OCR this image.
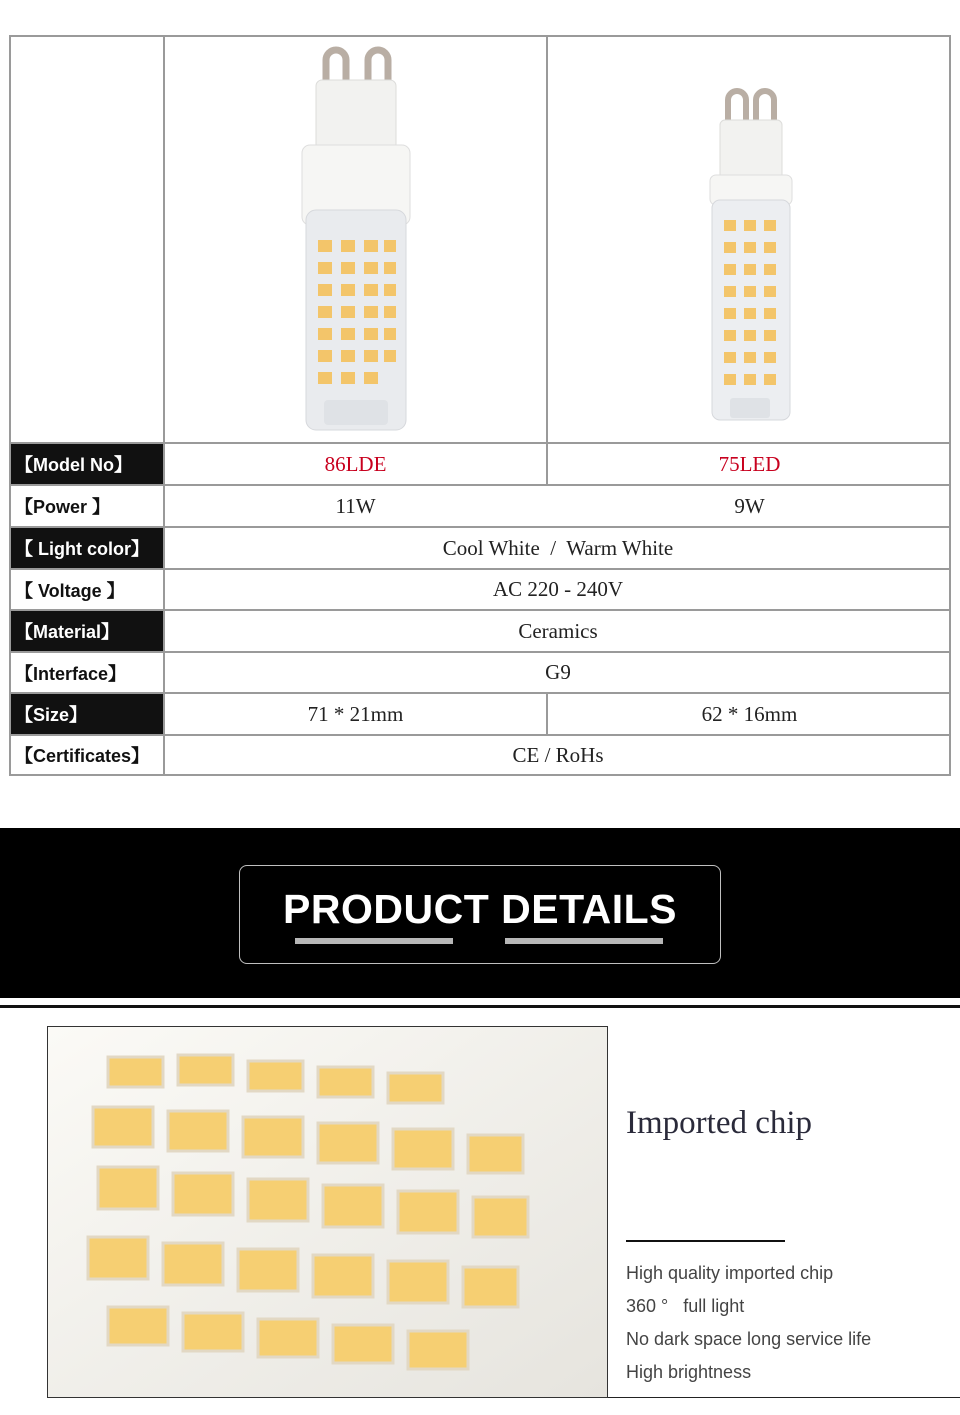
【Model No】	86LDE	75LED
【Power 】	11W	9W
【 Light color】	Cool White  /  Warm White
【 Voltage 】	AC 220 - 240V
【Material】	Ceramics
【Interface】	G9
【Size】	71 * 21mm	62 * 16mm
【Certificates】	CE / RoHs
PRODUCT DETAILS
Imported chip
High quality imported chip
360 °   full light
No dark space long service life
High brightness
